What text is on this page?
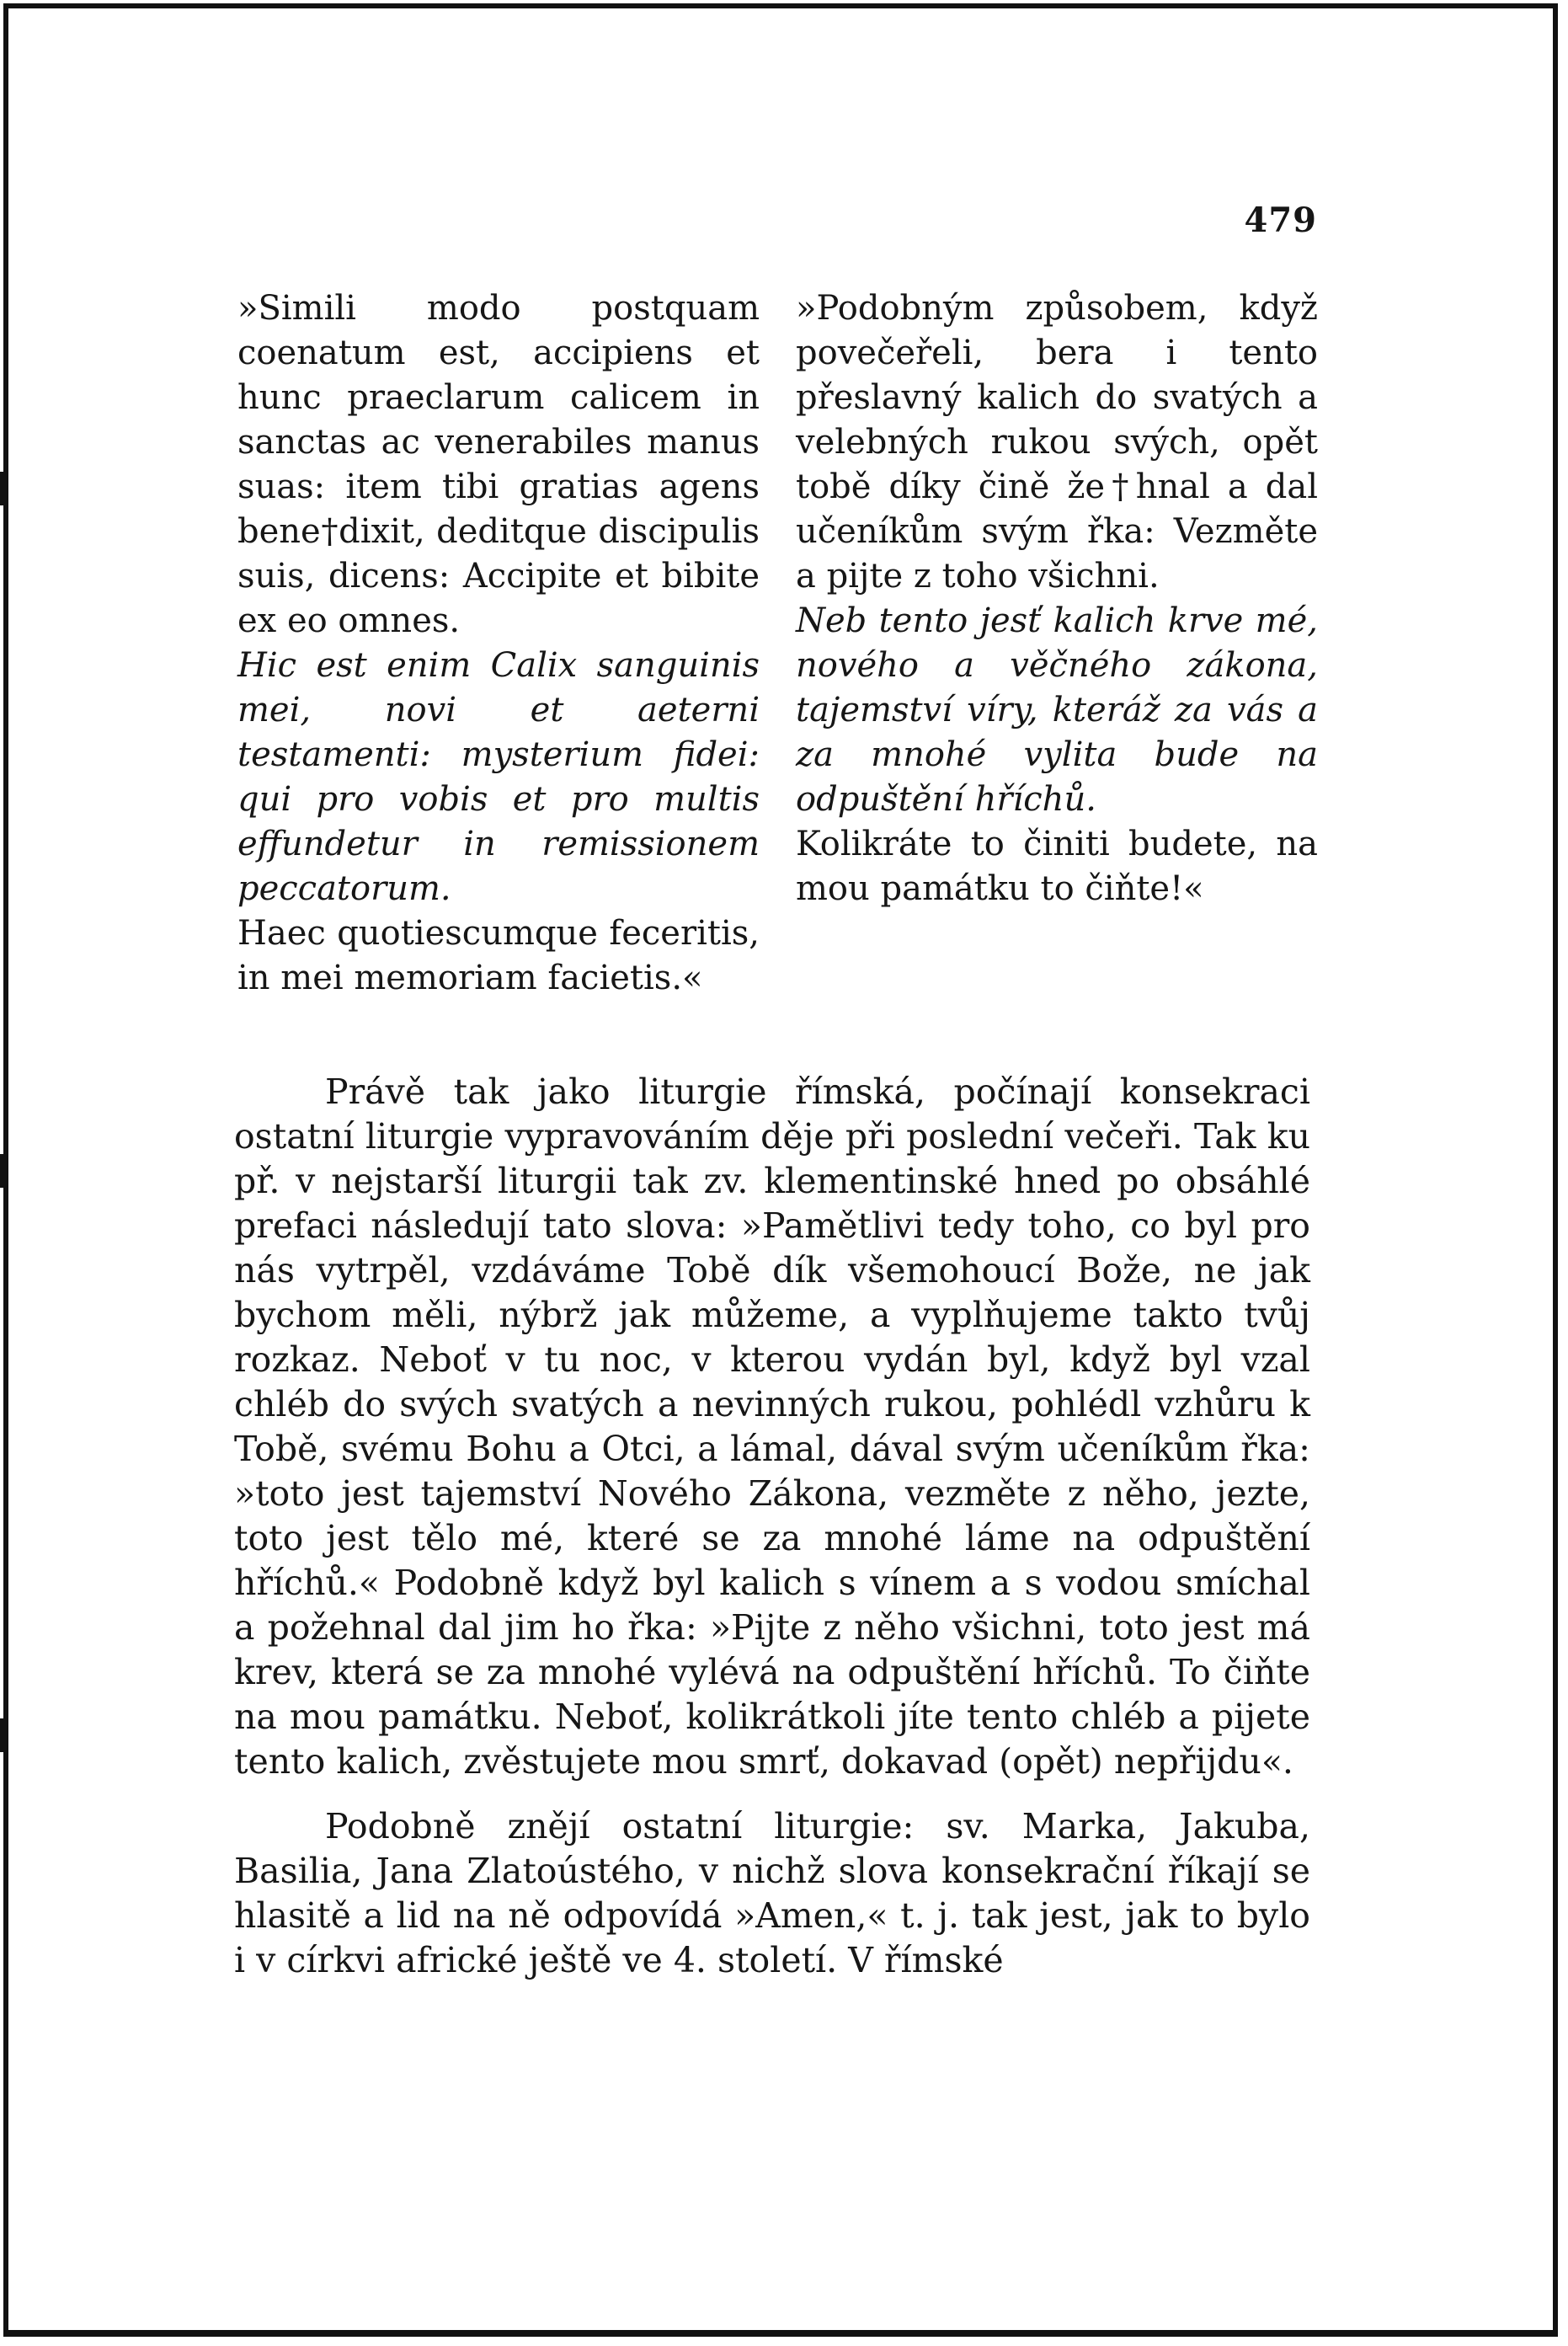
479

»Simili modo postquam coenatum est, accipiens et hunc praeclarum calicem in sanctas ac venerabiles manus suas: item tibi gratias agens bene†dixit, deditque discipulis suis, dicens: Accipite et bibite ex eo omnes.

Hic est enim Calix sanguinis mei, novi et aeterni testamenti: mysterium fidei: qui pro vobis et pro multis effundetur in remissionem peccatorum.

Haec quotiescumque feceritis, in mei memoriam facietis.«

»Podobným způsobem, když povečeřeli, bera i tento přeslavný kalich do svatých a velebných rukou svých, opět tobě díky čině že†hnal a dal učeníkům svým řka: Vezměte a pijte z toho všichni.

Neb tento jesť kalich krve mé, nového a věčného zákona, tajemství víry, kteráž za vás a za mnohé vylita bude na odpuštění hříchů.

Kolikráte to činiti budete, na mou památku to čiňte!«

Právě tak jako liturgie římská, počínají konsekraci ostatní liturgie vypravováním děje při poslední večeři. Tak ku př. v nejstarší liturgii tak zv. klementinské hned po obsáhlé prefaci následují tato slova: »Pamětlivi tedy toho, co byl pro nás vytrpěl, vzdáváme Tobě dík všemohoucí Bože, ne jak bychom měli, nýbrž jak můžeme, a vyplňujeme takto tvůj rozkaz. Neboť v tu noc, v kterou vydán byl, když byl vzal chléb do svých svatých a nevinných rukou, pohlédl vzhůru k Tobě, svému Bohu a Otci, a lámal, dával svým učeníkům řka: »toto jest tajemství Nového Zákona, vezměte z něho, jezte, toto jest tělo mé, které se za mnohé láme na odpuštění hříchů.« Podobně když byl kalich s vínem a s vodou smíchal a požehnal dal jim ho řka: »Pijte z něho všichni, toto jest má krev, která se za mnohé vylévá na odpuštění hříchů. To čiňte na mou památku. Neboť, kolikrátkoli jíte tento chléb a pijete tento kalich, zvěstujete mou smrť, dokavad (opět) nepřijdu«.

Podobně znějí ostatní liturgie: sv. Marka, Jakuba, Basilia, Jana Zlatoústého, v nichž slova konsekrační říkají se hlasitě a lid na ně odpovídá »Amen,« t. j. tak jest, jak to bylo i v církvi africké ještě ve 4. století. V římské
